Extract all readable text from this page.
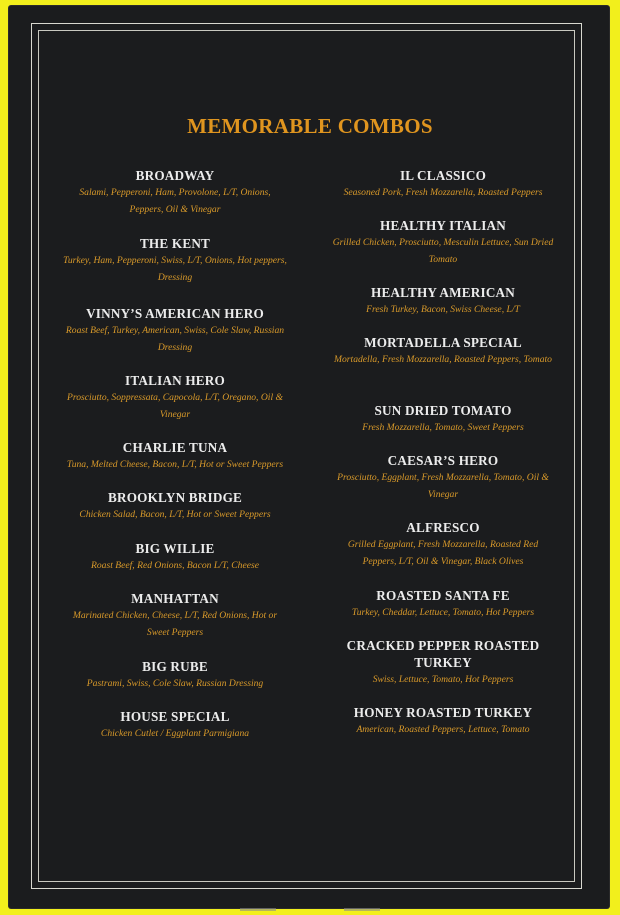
MEMORABLE COMBOS
BROADWAY
Salami, Pepperoni, Ham, Provolone, L/T, Onions, Peppers, Oil & Vinegar
THE KENT
Turkey, Ham, Pepperoni, Swiss, L/T, Onions, Hot peppers, Dressing
VINNY’S AMERICAN HERO
Roast Beef, Turkey, American, Swiss, Cole Slaw, Russian Dressing
ITALIAN HERO
Prosciutto, Soppressata, Capocola, L/T, Oregano, Oil & Vinegar
CHARLIE TUNA
Tuna, Melted Cheese, Bacon, L/T, Hot or Sweet Peppers
BROOKLYN BRIDGE
Chicken Salad, Bacon, L/T, Hot or Sweet Peppers
BIG WILLIE
Roast Beef, Red Onions, Bacon L/T, Cheese
MANHATTAN
Marinated Chicken, Cheese, L/T, Red Onions, Hot or Sweet Peppers
BIG RUBE
Pastrami, Swiss, Cole Slaw, Russian Dressing
HOUSE SPECIAL
Chicken Cutlet / Eggplant Parmigiana
IL CLASSICO
Seasoned Pork, Fresh Mozzarella, Roasted Peppers
HEALTHY ITALIAN
Grilled Chicken, Prosciutto, Mesculin Lettuce, Sun Dried Tomato
HEALTHY AMERICAN
Fresh Turkey, Bacon, Swiss Cheese, L/T
MORTADELLA SPECIAL
Mortadella, Fresh Mozzarella, Roasted Peppers, Tomato
SUN DRIED TOMATO
Fresh Mozzarella, Tomato, Sweet Peppers
CAESAR’S HERO
Prosciutto, Eggplant, Fresh Mozzarella, Tomato, Oil & Vinegar
ALFRESCO
Grilled Eggplant, Fresh Mozzarella, Roasted Red Peppers, L/T, Oil & Vinegar, Black Olives
ROASTED SANTA FE
Turkey, Cheddar, Lettuce, Tomato, Hot Peppers
CRACKED PEPPER ROASTED TURKEY
Swiss, Lettuce, Tomato, Hot Peppers
HONEY ROASTED TURKEY
American, Roasted Peppers, Lettuce, Tomato
